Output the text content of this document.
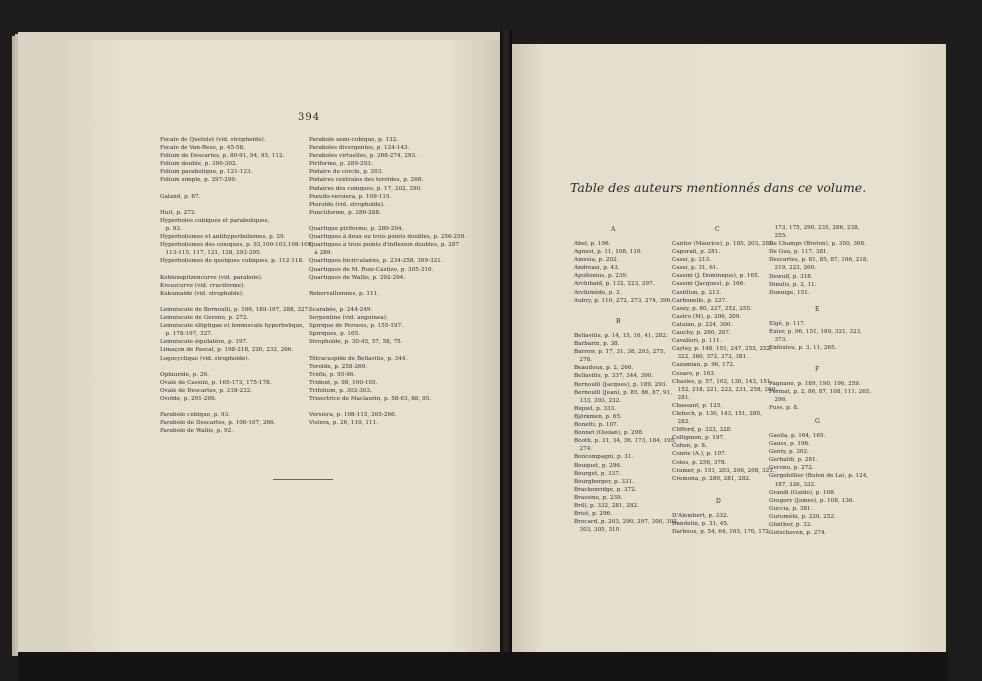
394
Focale de Quetelet (vid. strophoïde).
Focale de Van-Rees, p. 45-58.
Folium de Descartes, p. 80-91, 94, 95, 112.
Folium double, p. 300-302.
Folium parabolique, p. 121-123.
Folium simple, p. 297-299.

Galand, p. 67.

Huit, p. 272.
Hyperboles cubiques et paraboliques,
p. 93.
Hyperbolismes et antihyperbolismes, p. 29.
Hyperbolismes des coniques, p. 93,100-103,108-109,
113-115, 117, 121, 128, 293-295.
Hyperbolismes de quelques cubiques, p. 112-118.

Kohlenspitzencurve (vid. parabole).
Kreuzcurve (vid. cruciforme).
Kukumaide (vid. strophoïde).

Lemniscate de Bernoulli, p. 166, 189-197, 288, 327.
Lemniscate de Gerono, p. 272.
Lemniscate elliptique et lemniscate hyperbolique,
p. 178-197, 327.
Lemniscate équilatère, p. 197.
Limaçon de Pascal, p. 198-218, 220, 232, 266.
Logocyclique (vid. strophoïde).

Ophiuride, p. 26.
Ovale de Cassini, p. 165-173, 175-178.
Ovale de Descartes, p. 218-232.
Ovoïde, p. 291-299.

Parabole cubique, p. 93.
Parabole de Descartes, p. 106-107, 266.
Parabole de Wallis, p. 92.
Parabole semi-cubique, p. 132.
Paraboles divergentes, p. 124-143.
Paraboles virtuelles, p. 268-274, 293.
Piriforme, p. 289-293.
Podaire du cercle, p. 203.
Podaires centrales des toroïdes, p. 268.
Podaires des coniques, p. 17, 202, 290.
Pseudo-versiera, p. 109-115.
Pteroïde (vid. strophoïde).
Punctiforme, p. 286-288.

Quartique piriforme, p. 289-294.
Quartiques à deux ou trois points doubles, p. 256-259.
Quartiques à trois points d'inflexion doubles, p. 287
à 289.
Quartiques bicirculaires, p. 234-258, 309-321.
Quartiques de M. Ruiz-Castizo, p. 305-310.
Quartiques de Wallis, p. 292-294.

Rebervalliennes, p. 111.

Scarabée, p. 244-249.
Serpentine (vid. anguinea).
Spirique de Perseus, p. 155-197.
Spiriques, p. 165.
Strophoïde, p. 30-45, 57, 58, 75.

Tétracuspide de Bellavitis, p. 344.
Toroïde, p. 258-269.
Trèfle, p. 95-96.
Trident, p. 98, 100-105.
Trifolium, p. 302-303.
Trisectrice de Maclaurin, p. 58-63, 88, 95.

Versiera, p. 108-115, 265-266.
Visiera, p. 26, 110, 111.
Table des auteurs mentionnés dans ce volume.
A
Abel, p. 196.
Agnesi, p. 11, 108, 110.
Amesia, p. 202.
Andreasi, p. 43.
Apollonius, p. 239.
Archibald, p. 132, 223, 297.
Archimède, p. 2.
Aubry, p. 110, 272, 273, 274, 396.
B
Bellavitis, p. 14, 15, 16, 41, 282.
Barbarin, p. 38.
Barrow, p. 17, 31, 38, 203, 275,
278.
Beaudoux, p. 2, 266.
Bellavitis, p. 337, 344, 390.
Bernoulli (Jacques), p. 189, 293.
Bernoulli (Jean), p. 85, 86, 87, 91,
133, 203, 232.
Biquel, p. 333.
Björkmen, p. 65.
Bonetti, p. 107.
Bonnet (Ossian), p. 298.
Booth, p. 31, 34, 36, 173, 184, 195,
274.
Boncompagni, p. 31.
Bouquet, p. 296.
Bourget, p. 337.
Bourgberger, p. 331.
Brackenridge, p. 372.
Brassine, p. 239.
Brill, p. 332, 281, 282.
Briot, p. 296.
Brocard, p. 203, 290, 297, 300, 302,
303, 305, 310.
C
Cantor (Maurice), p. 105, 203, 281.
Caporali, p. 281.
Cassi, p. 213.
Cassi, p. 31, 61.
Cassini (J. Dominique), p. 165.
Cassini (Jacques), p. 166.
Castillon, p. 213.
Carbonelle, p. 227.
Casey, p. 80, 227, 252, 255.
Castro (M), p. 206, 209.
Cataian, p. 224, 300.
Cauchy, p. 260, 267.
Cavalieri, p. 111.
Cayley, p. 148, 151, 247, 255, 252,
322, 360, 372, 373, 381.
Cazamian, p. 96, 172.
Cesaro, p. 163.
Chasles, p. 57, 102, 130, 143, 151,
152, 218, 221, 222, 231, 258, 260,
281.
Chassant, p. 125.
Clebsch, p. 130, 143, 151, 280,
282.
Clifford, p. 323, 328.
Colligmon, p. 197.
Cohen, p. 8.
Comte (A.), p. 107.
Cotes, p. 256, 378.
Cramer, p. 151, 203, 206, 208, 321.
Cremona, p. 280, 281, 282.
D
D'Alembert, p. 332.
Dandelin, p. 31, 45.
Darboux, p. 54, 64, 165, 170, 172,
173, 175, 290, 235, 286, 238,
255.
De Champs (Breton), p. 350, 368.
De Gua, p. 117, 381.
Descartes, p. 81, 85, 87, 106, 218,
219, 223, 260.
Dewulf, p. 318.
Dinulis, p. 2, 11.
Dunnige, 151.
E
Elgé, p. 117.
Euler, p. 96, 151, 189, 321, 323,
373.
Enfeuleu, p. 3, 11, 265.
F
Fagnano, p. 189, 190, 196, 259.
Fermat, p. 2, 86, 87, 108, 111, 265,
296.
Fuss, p. 8.
G
Gaella, p. 164, 165.
Gauss, p. 196.
Genty, p. 302.
Gerbaldi, p. 281.
Gerono, p. 272.
Gergobillier (Bulon de La), p. 124,
187, 326, 332.
Grandi (Guido), p. 108.
Gregory (James), p. 108, 136.
Guccia, p. 381.
Guruméhi, p. 239, 252.
Günther, p. 32.
Gutschoven, p. 274.
